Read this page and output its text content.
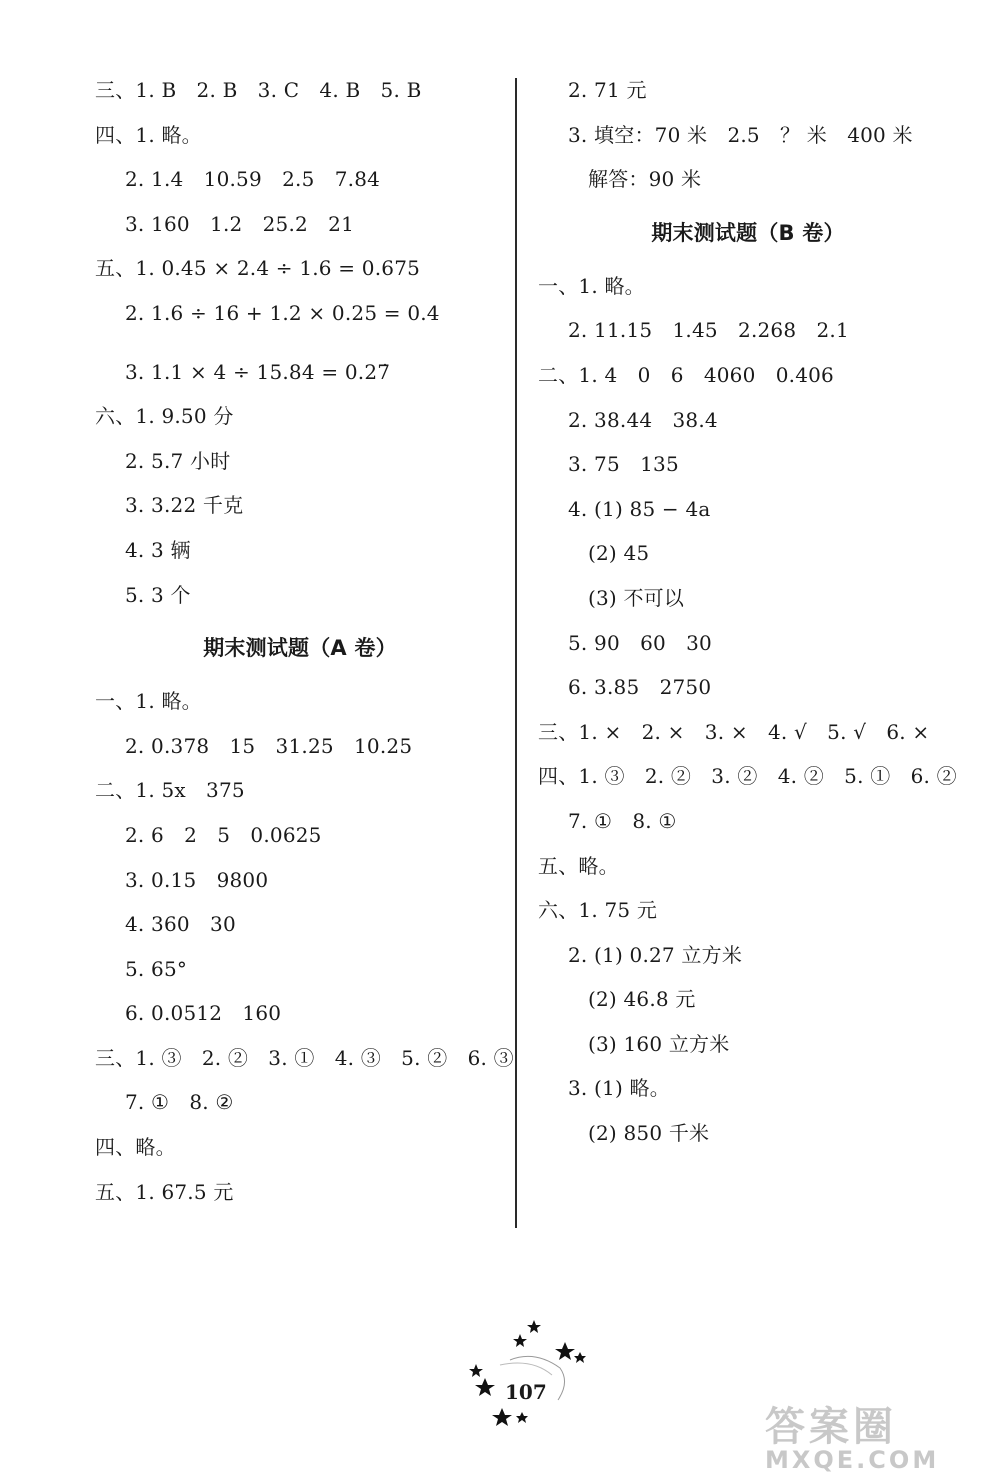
三、1. B　2. B　3. C　4. B　5. B
四、1. 略。
2. 1.4　10.59　2.5　7.84
3. 160　1.2　25.2　21
五、1. 0.45 × 2.4 ÷ 1.6 = 0.675
2. 1.6 ÷ 16 + 1.2 × 0.25 = 0.4
3. 1.1 × 4 ÷ 15.84 = 0.27̇
六、1. 9.50 分
2. 5.7 小时
3. 3.22 千克
4. 3 辆
5. 3 个
期末测试题（A 卷）
一、1. 略。
2. 0.378　15　31.25　10.25
二、1. 5x　375
2. 6　2　5　0.0625
3. 0.15　9800
4. 360　30
5. 65°
6. 0.0512　160
三、1. ③　2. ②　3. ①　4. ③　5. ②　6. ③
7. ①　8. ②
四、略。
五、1. 67.5 元
2. 71 元
3. 填空：70 米　2.5　？ 米　400 米
解答：90 米
期末测试题（B 卷）
一、1. 略。
2. 11.15　1.45　2.268　2.1
二、1. 4　0　6　4060　0.406
2. 38.44　38.4
3. 75　135
4. (1) 85 − 4a
(2) 45
(3) 不可以
5. 90　60　30
6. 3.85　2750
三、1. ×　2. ×　3. ×　4. √　5. √　6. ×
四、1. ③　2. ②　3. ②　4. ②　5. ①　6. ②
7. ①　8. ①
五、略。
六、1. 75 元
2. (1) 0.27 立方米
(2) 46.8 元
(3) 160 立方米
3. (1) 略。
(2) 850 千米
107
答案圈
MXQE.COM
